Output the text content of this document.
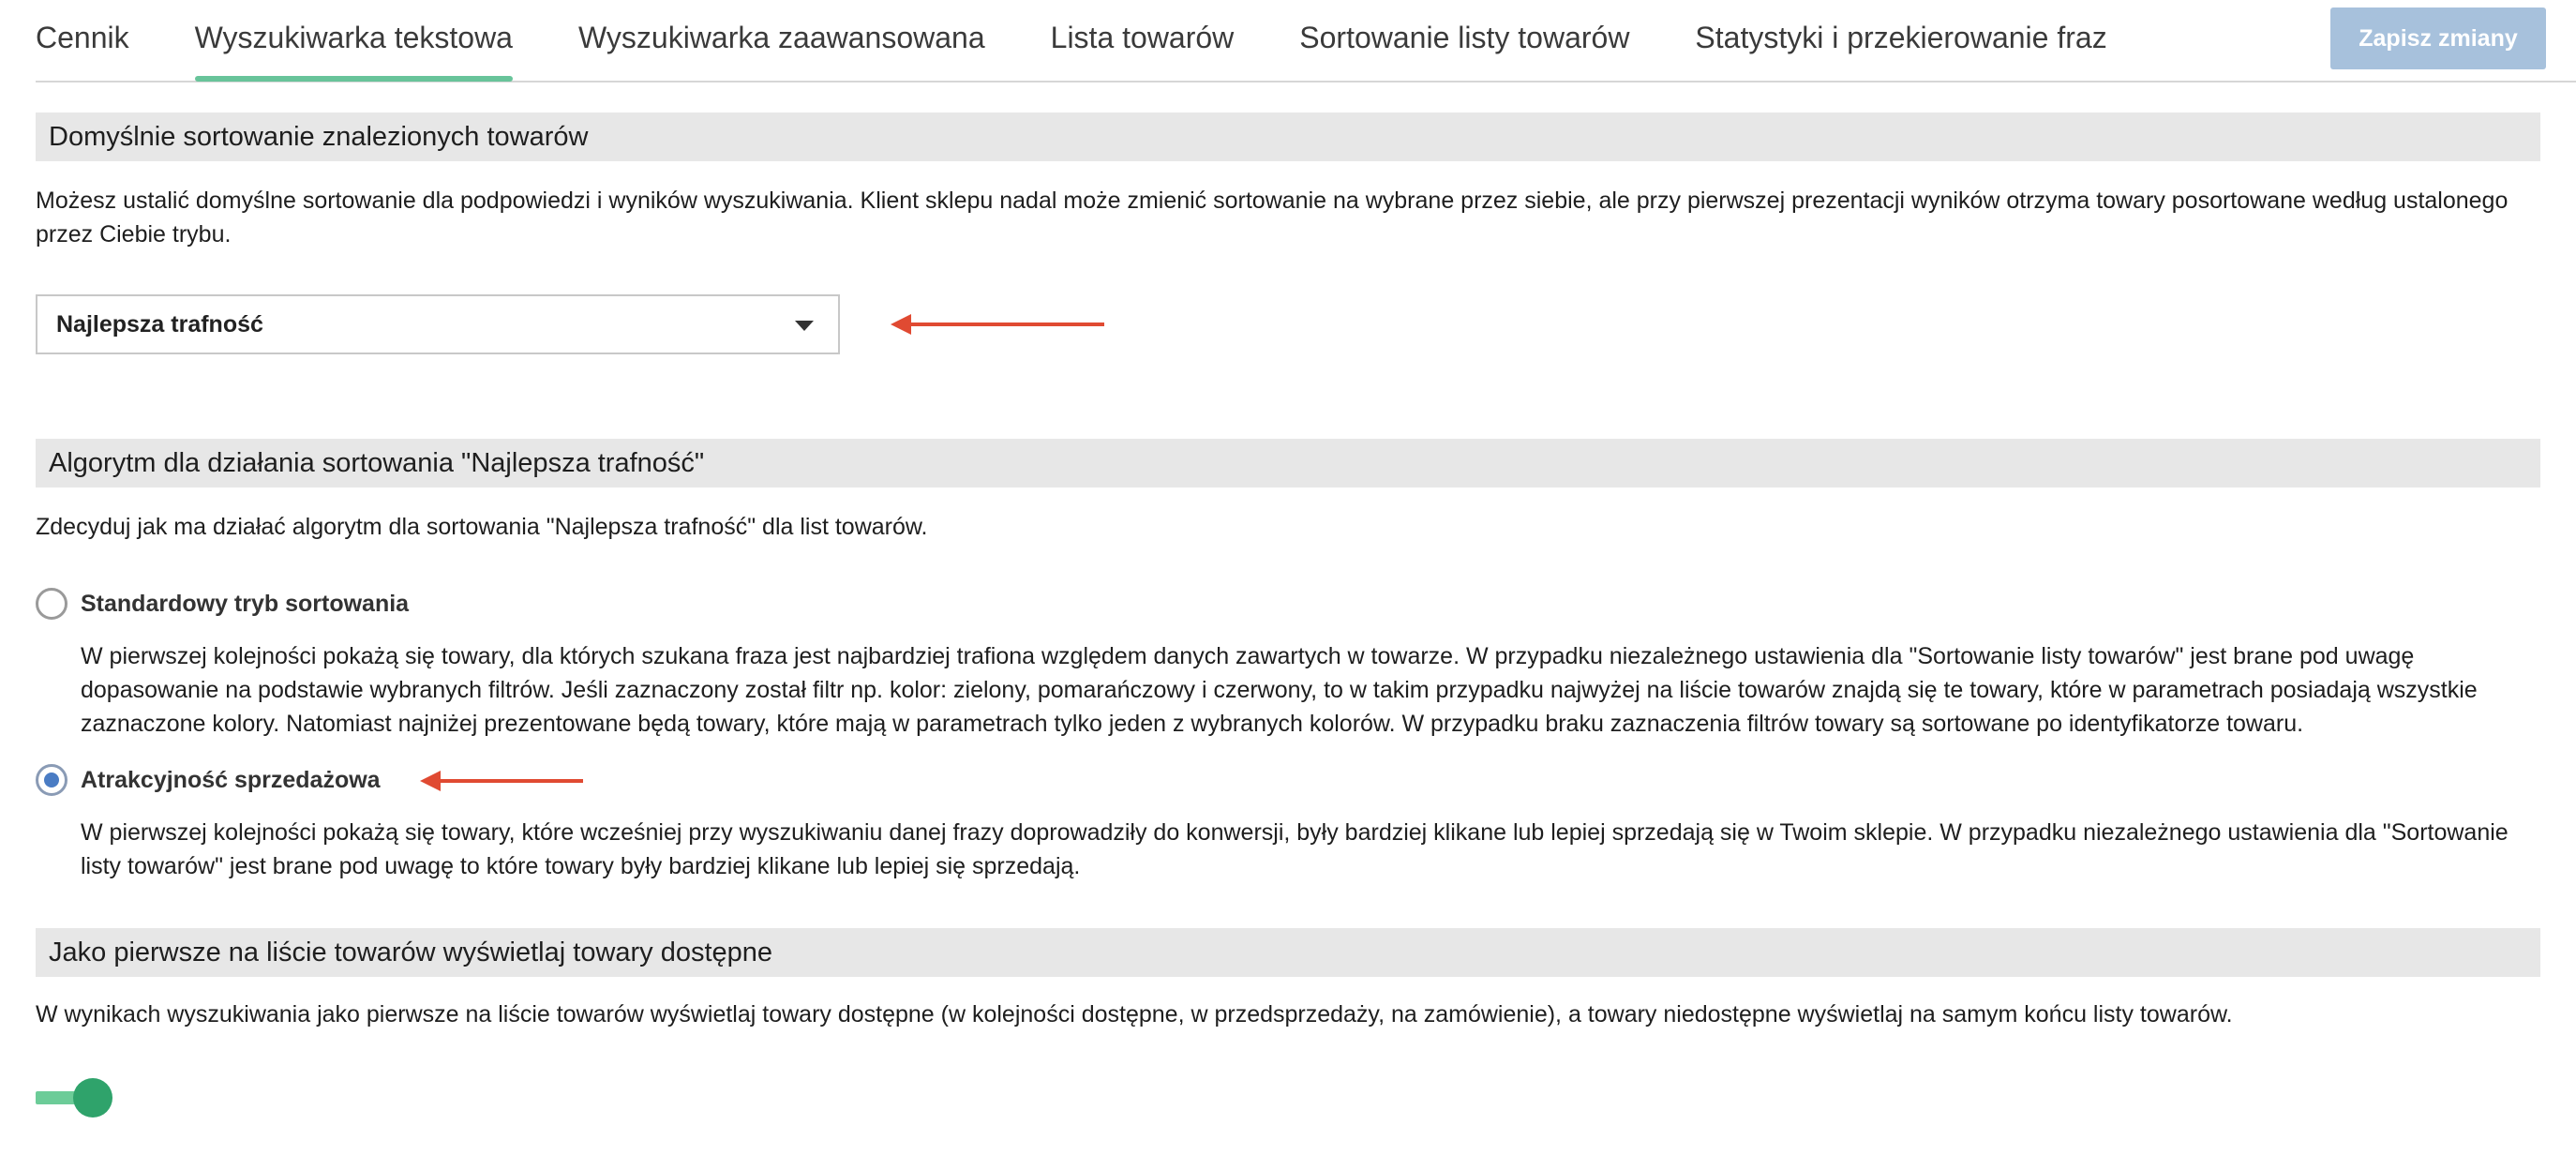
Cennik Wyszukiwarka tekstowa Wyszukiwarka zaawansowana Lista towarów Sortowanie listy towarów Statystyki i przekierowanie fraz	Zapisz zmiany
Domyślnie sortowanie znalezionych towarów
Możesz ustalić domyślne sortowanie dla podpowiedzi i wyników wyszukiwania. Klient sklepu nadal może zmienić sortowanie na wybrane przez siebie, ale przy pierwszej prezentacji wyników otrzyma towary posortowane według ustalonego przez Ciebie trybu.
Najlepsza trafność
Algorytm dla działania sortowania "Najlepsza trafność"
Zdecyduj jak ma działać algorytm dla sortowania "Najlepsza trafność" dla list towarów.
Standardowy tryb sortowania
W pierwszej kolejności pokażą się towary, dla których szukana fraza jest najbardziej trafiona względem danych zawartych w towarze. W przypadku niezależnego ustawienia dla "Sortowanie listy towarów" jest brane pod uwagę dopasowanie na podstawie wybranych filtrów. Jeśli zaznaczony został filtr np. kolor: zielony, pomarańczowy i czerwony, to w takim przypadku najwyżej na liście towarów znajdą się te towary, które w parametrach posiadają wszystkie zaznaczone kolory. Natomiast najniżej prezentowane będą towary, które mają w parametrach tylko jeden z wybranych kolorów. W przypadku braku zaznaczenia filtrów towary są sortowane po identyfikatorze towaru.
Atrakcyjność sprzedażowa
W pierwszej kolejności pokażą się towary, które wcześniej przy wyszukiwaniu danej frazy doprowadziły do konwersji, były bardziej klikane lub lepiej sprzedają się w Twoim sklepie. W przypadku niezależnego ustawienia dla "Sortowanie listy towarów" jest brane pod uwagę to które towary były bardziej klikane lub lepiej się sprzedają.
Jako pierwsze na liście towarów wyświetlaj towary dostępne
W wynikach wyszukiwania jako pierwsze na liście towarów wyświetlaj towary dostępne (w kolejności dostępne, w przedsprzedaży, na zamówienie), a towary niedostępne wyświetlaj na samym końcu listy towarów.
